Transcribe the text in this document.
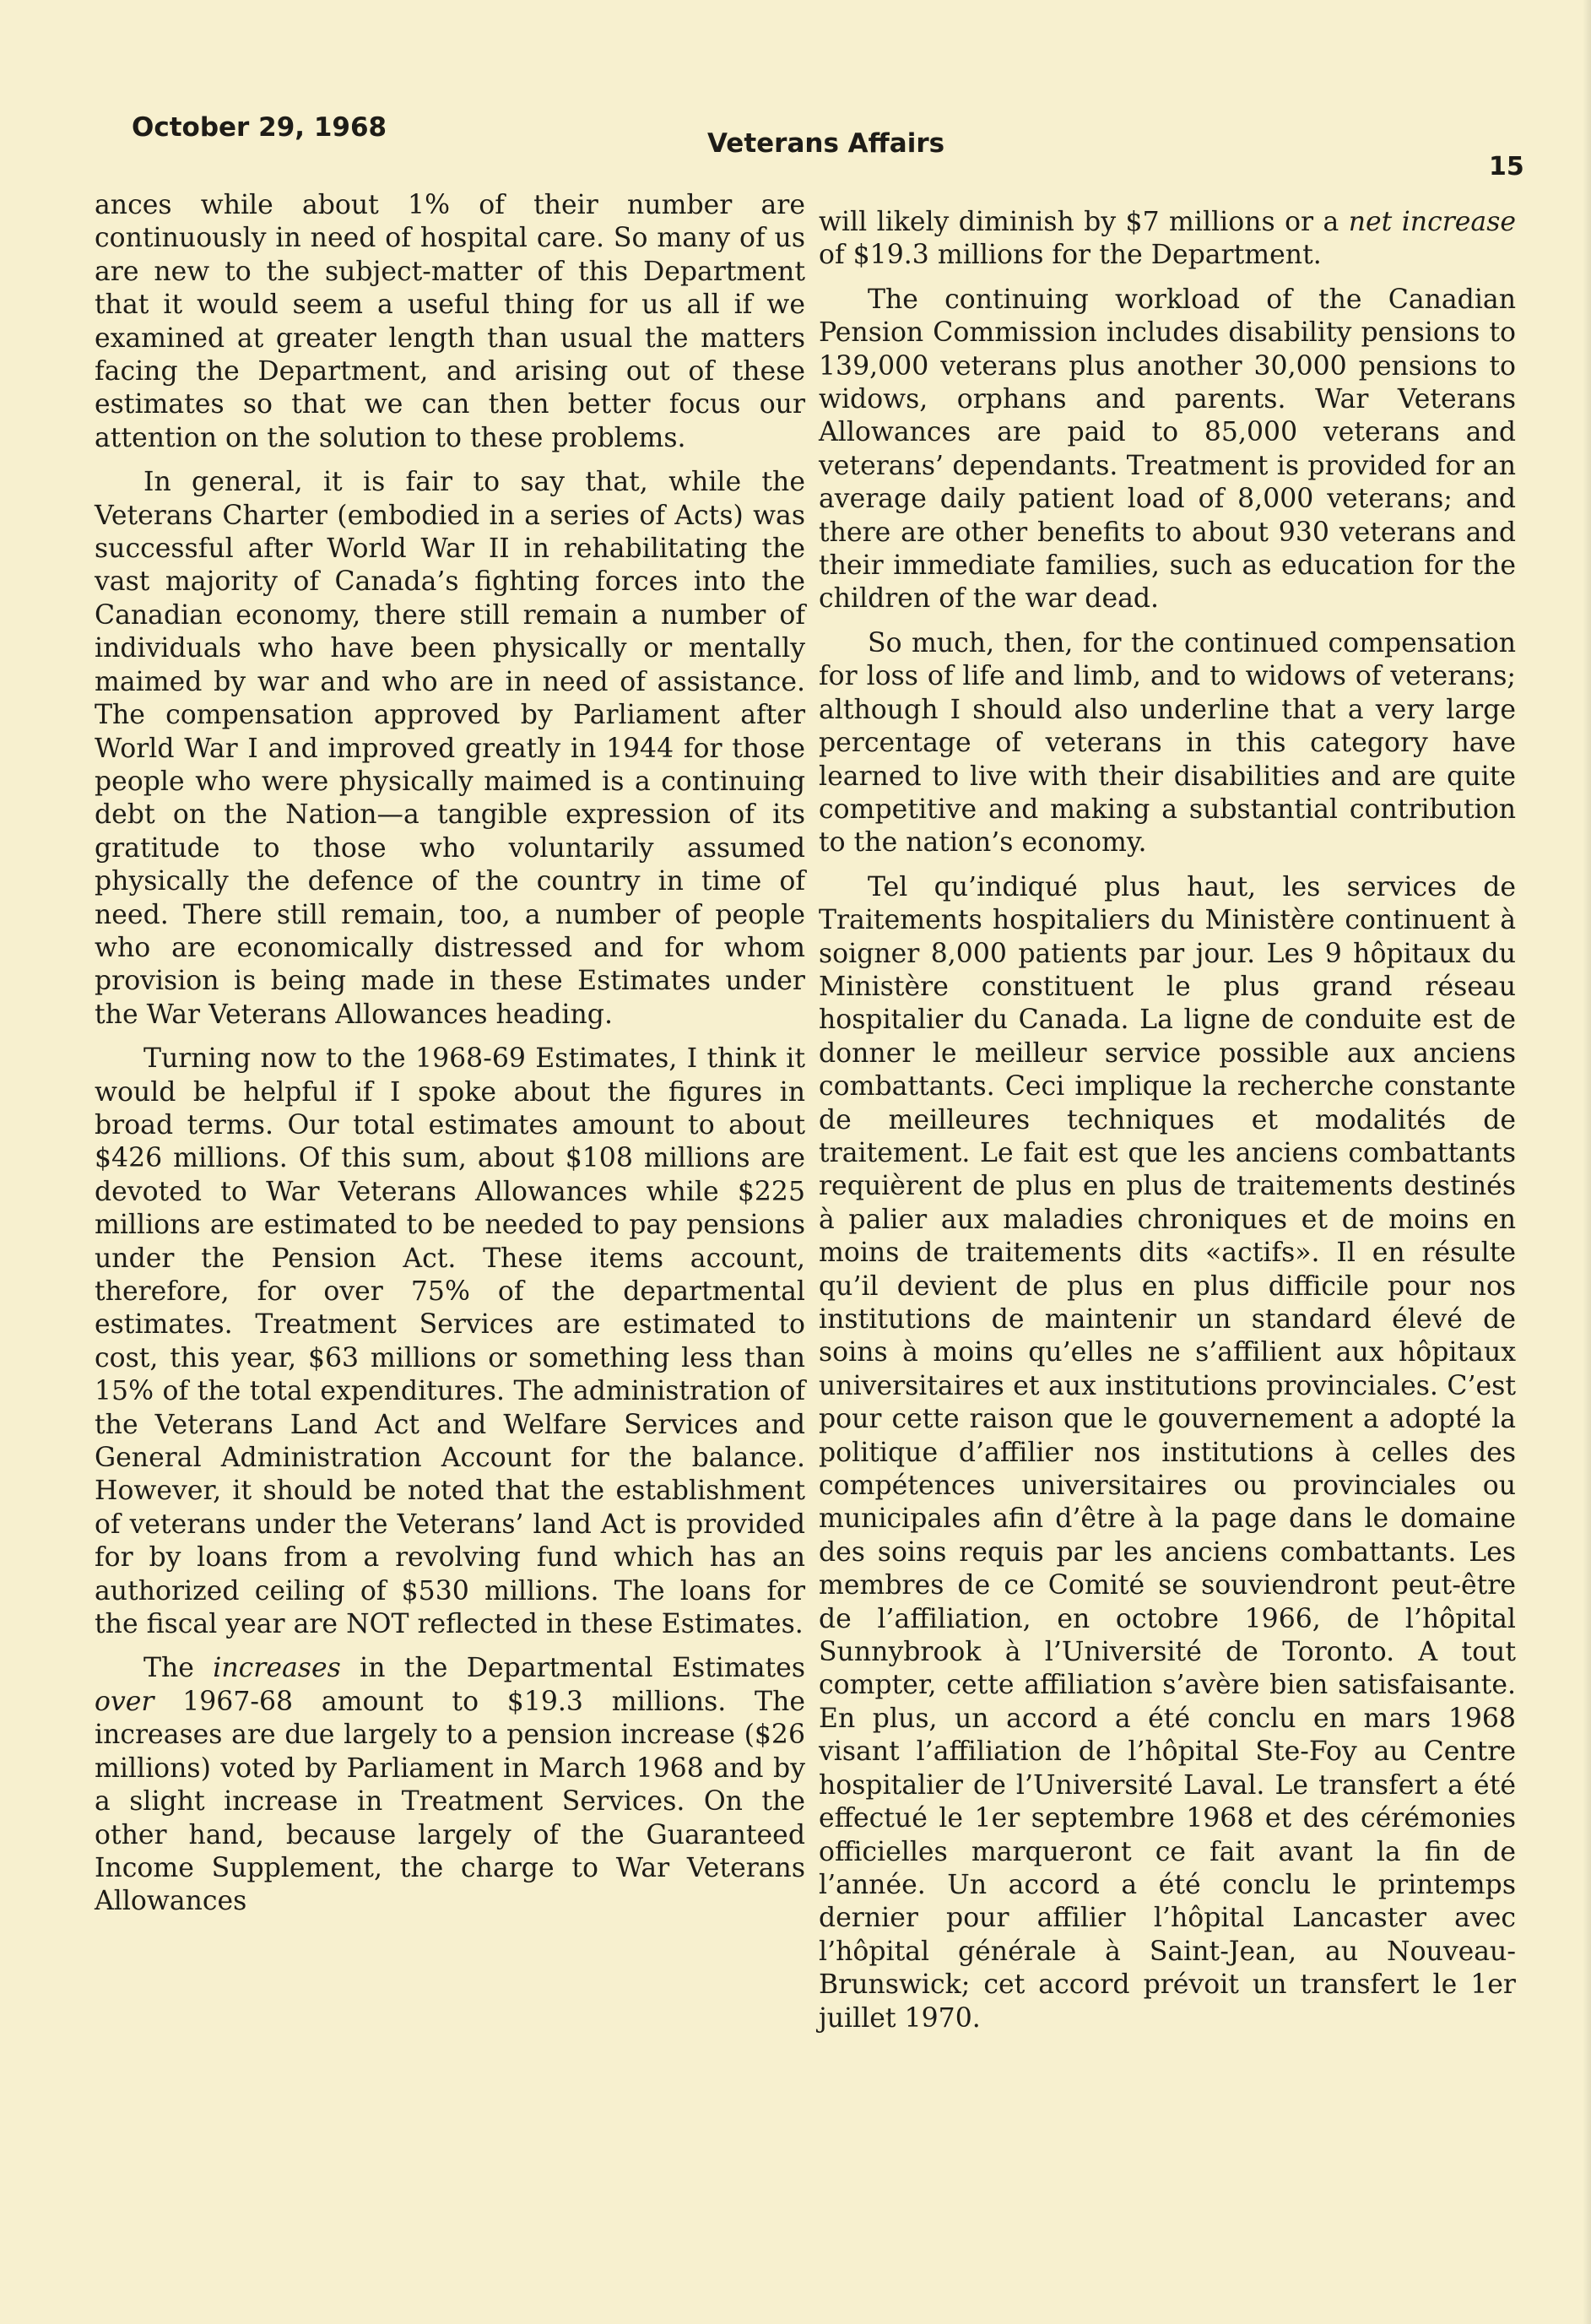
October 29, 1968
Veterans Affairs
15

ances while about 1% of their number are continuously in need of hospital care. So many of us are new to the subject-matter of this Department that it would seem a useful thing for us all if we examined at greater length than usual the matters facing the Department, and arising out of these estimates so that we can then better focus our attention on the solution to these problems.

In general, it is fair to say that, while the Veterans Charter (embodied in a series of Acts) was successful after World War II in rehabilitating the vast majority of Canada’s fighting forces into the Canadian economy, there still remain a number of individuals who have been physically or mentally maimed by war and who are in need of assistance. The compensation approved by Parliament after World War I and improved greatly in 1944 for those people who were physically maimed is a continuing debt on the Nation—a tangible expression of its gratitude to those who voluntarily assumed physically the defence of the country in time of need. There still remain, too, a number of people who are economically distressed and for whom provision is being made in these Estimates under the War Veterans Allowances heading.

Turning now to the 1968-69 Estimates, I think it would be helpful if I spoke about the figures in broad terms. Our total estimates amount to about $426 millions. Of this sum, about $108 millions are devoted to War Veterans Allowances while $225 millions are estimated to be needed to pay pensions under the Pension Act. These items account, therefore, for over 75% of the departmental estimates. Treatment Services are estimated to cost, this year, $63 millions or something less than 15% of the total expenditures. The administration of the Veterans Land Act and Welfare Services and General Administration Account for the balance. However, it should be noted that the establishment of veterans under the Veterans’ land Act is provided for by loans from a revolving fund which has an authorized ceiling of $530 millions. The loans for the fiscal year are NOT reflected in these Estimates.

The increases in the Departmental Estimates over 1967-68 amount to $19.3 millions. The increases are due largely to a pension increase ($26 millions) voted by Parliament in March 1968 and by a slight increase in Treatment Services. On the other hand, because largely of the Guaranteed Income Supplement, the charge to War Veterans Allowances

will likely diminish by $7 millions or a net increase of $19.3 millions for the Department.

The continuing workload of the Canadian Pension Commission includes disability pensions to 139,000 veterans plus another 30,000 pensions to widows, orphans and parents. War Veterans Allowances are paid to 85,000 veterans and veterans’ dependants. Treatment is provided for an average daily patient load of 8,000 veterans; and there are other benefits to about 930 veterans and their immediate families, such as education for the children of the war dead.

So much, then, for the continued compensation for loss of life and limb, and to widows of veterans; although I should also underline that a very large percentage of veterans in this category have learned to live with their disabilities and are quite competitive and making a substantial contribution to the nation’s economy.

Tel qu’indiqué plus haut, les services de Traitements hospitaliers du Ministère continuent à soigner 8,000 patients par jour. Les 9 hôpitaux du Ministère constituent le plus grand réseau hospitalier du Canada. La ligne de conduite est de donner le meilleur service possible aux anciens combattants. Ceci implique la recherche constante de meilleures techniques et modalités de traitement. Le fait est que les anciens combattants requièrent de plus en plus de traitements destinés à palier aux maladies chroniques et de moins en moins de traitements dits «actifs». Il en résulte qu’il devient de plus en plus difficile pour nos institutions de maintenir un standard élevé de soins à moins qu’elles ne s’affilient aux hôpitaux universitaires et aux institutions provinciales. C’est pour cette raison que le gouvernement a adopté la politique d’affilier nos institutions à celles des compétences universitaires ou provinciales ou municipales afin d’être à la page dans le domaine des soins requis par les anciens combattants. Les membres de ce Comité se souviendront peut-être de l’affiliation, en octobre 1966, de l’hôpital Sunnybrook à l’Université de Toronto. A tout compter, cette affiliation s’avère bien satisfaisante. En plus, un accord a été conclu en mars 1968 visant l’affiliation de l’hôpital Ste-Foy au Centre hospitalier de l’Université Laval. Le transfert a été effectué le 1er septembre 1968 et des cérémonies officielles marqueront ce fait avant la fin de l’année. Un accord a été conclu le printemps dernier pour affilier l’hôpital Lancaster avec l’hôpital générale à Saint-Jean, au Nouveau-Brunswick; cet accord prévoit un transfert le 1er juillet 1970.
